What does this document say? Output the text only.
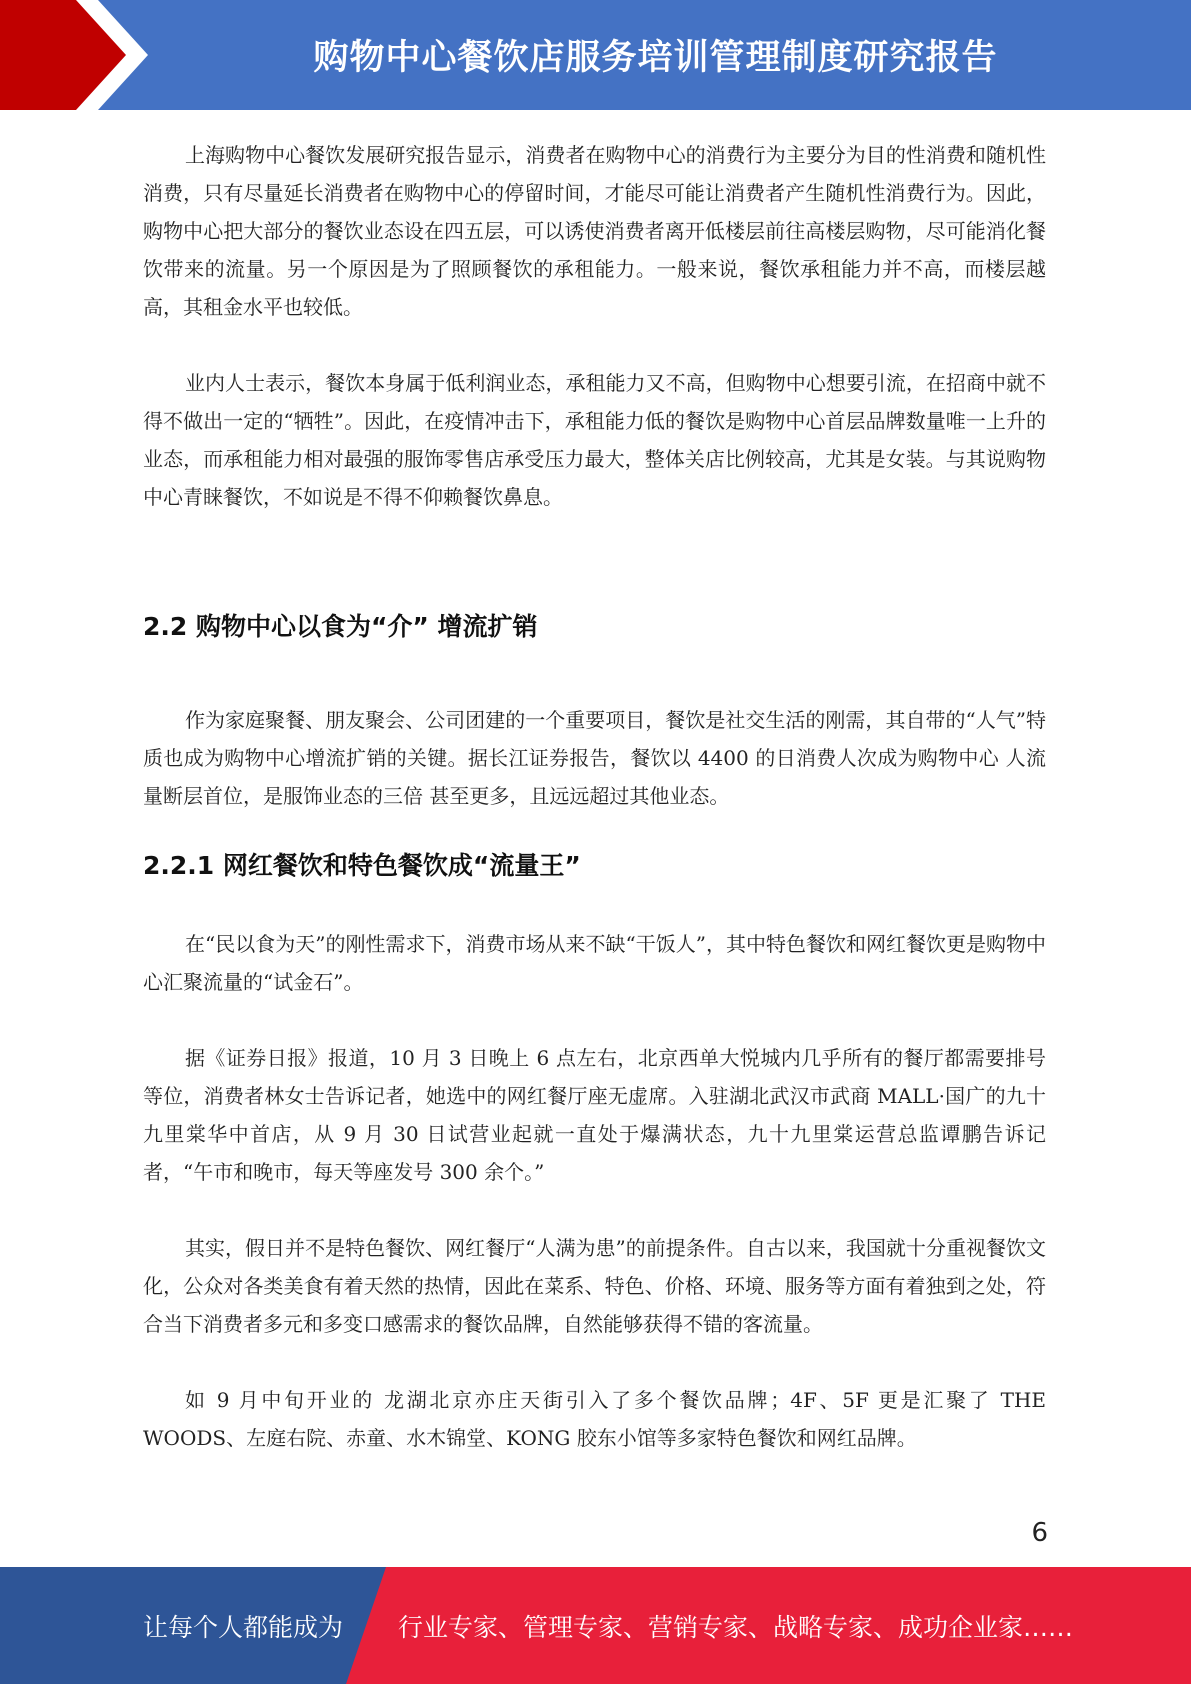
购物中心餐饮店服务培训管理制度研究报告

上海购物中心餐饮发展研究报告显示，消费者在购物中心的消费行为主要分为目的性消费和随机性消费，只有尽量延长消费者在购物中心的停留时间，才能尽可能让消费者产生随机性消费行为。因此，购物中心把大部分的餐饮业态设在四五层，可以诱使消费者离开低楼层前往高楼层购物，尽可能消化餐饮带来的流量。另一个原因是为了照顾餐饮的承租能力。一般来说，餐饮承租能力并不高，而楼层越高，其租金水平也较低。

业内人士表示，餐饮本身属于低利润业态，承租能力又不高，但购物中心想要引流，在招商中就不得不做出一定的“牺牲”。因此，在疫情冲击下，承租能力低的餐饮是购物中心首层品牌数量唯一上升的业态，而承租能力相对最强的服饰零售店承受压力最大，整体关店比例较高，尤其是女装。与其说购物中心青睐餐饮，不如说是不得不仰赖餐饮鼻息。

2.2 购物中心以食为“介” 增流扩销

作为家庭聚餐、朋友聚会、公司团建的一个重要项目，餐饮是社交生活的刚需，其自带的“人气”特质也成为购物中心增流扩销的关键。据长江证券报告，餐饮以 4400 的日消费人次成为购物中心 人流量断层首位，是服饰业态的三倍 甚至更多，且远远超过其他业态。

2.2.1 网红餐饮和特色餐饮成“流量王”

在“民以食为天”的刚性需求下，消费市场从来不缺“干饭人”，其中特色餐饮和网红餐饮更是购物中心汇聚流量的“试金石”。

据《证券日报》报道，10 月 3 日晚上 6 点左右，北京西单大悦城内几乎所有的餐厅都需要排号等位，消费者林女士告诉记者，她选中的网红餐厅座无虚席。入驻湖北武汉市武商 MALL·国广的九十九里棠华中首店，从 9 月 30 日试营业起就一直处于爆满状态，九十九里棠运营总监谭鹏告诉记者，“午市和晚市，每天等座发号 300 余个。”

其实，假日并不是特色餐饮、网红餐厅“人满为患”的前提条件。自古以来，我国就十分重视餐饮文化，公众对各类美食有着天然的热情，因此在菜系、特色、价格、环境、服务等方面有着独到之处，符合当下消费者多元和多变口感需求的餐饮品牌，自然能够获得不错的客流量。

如 9 月中旬开业的 龙湖北京亦庄天街引入了多个餐饮品牌；4F、5F 更是汇聚了 THE WOODS、左庭右院、赤童、水木锦堂、KONG 胶东小馆等多家特色餐饮和网红品牌。

6
让每个人都能成为 行业专家、管理专家、营销专家、战略专家、成功企业家……
